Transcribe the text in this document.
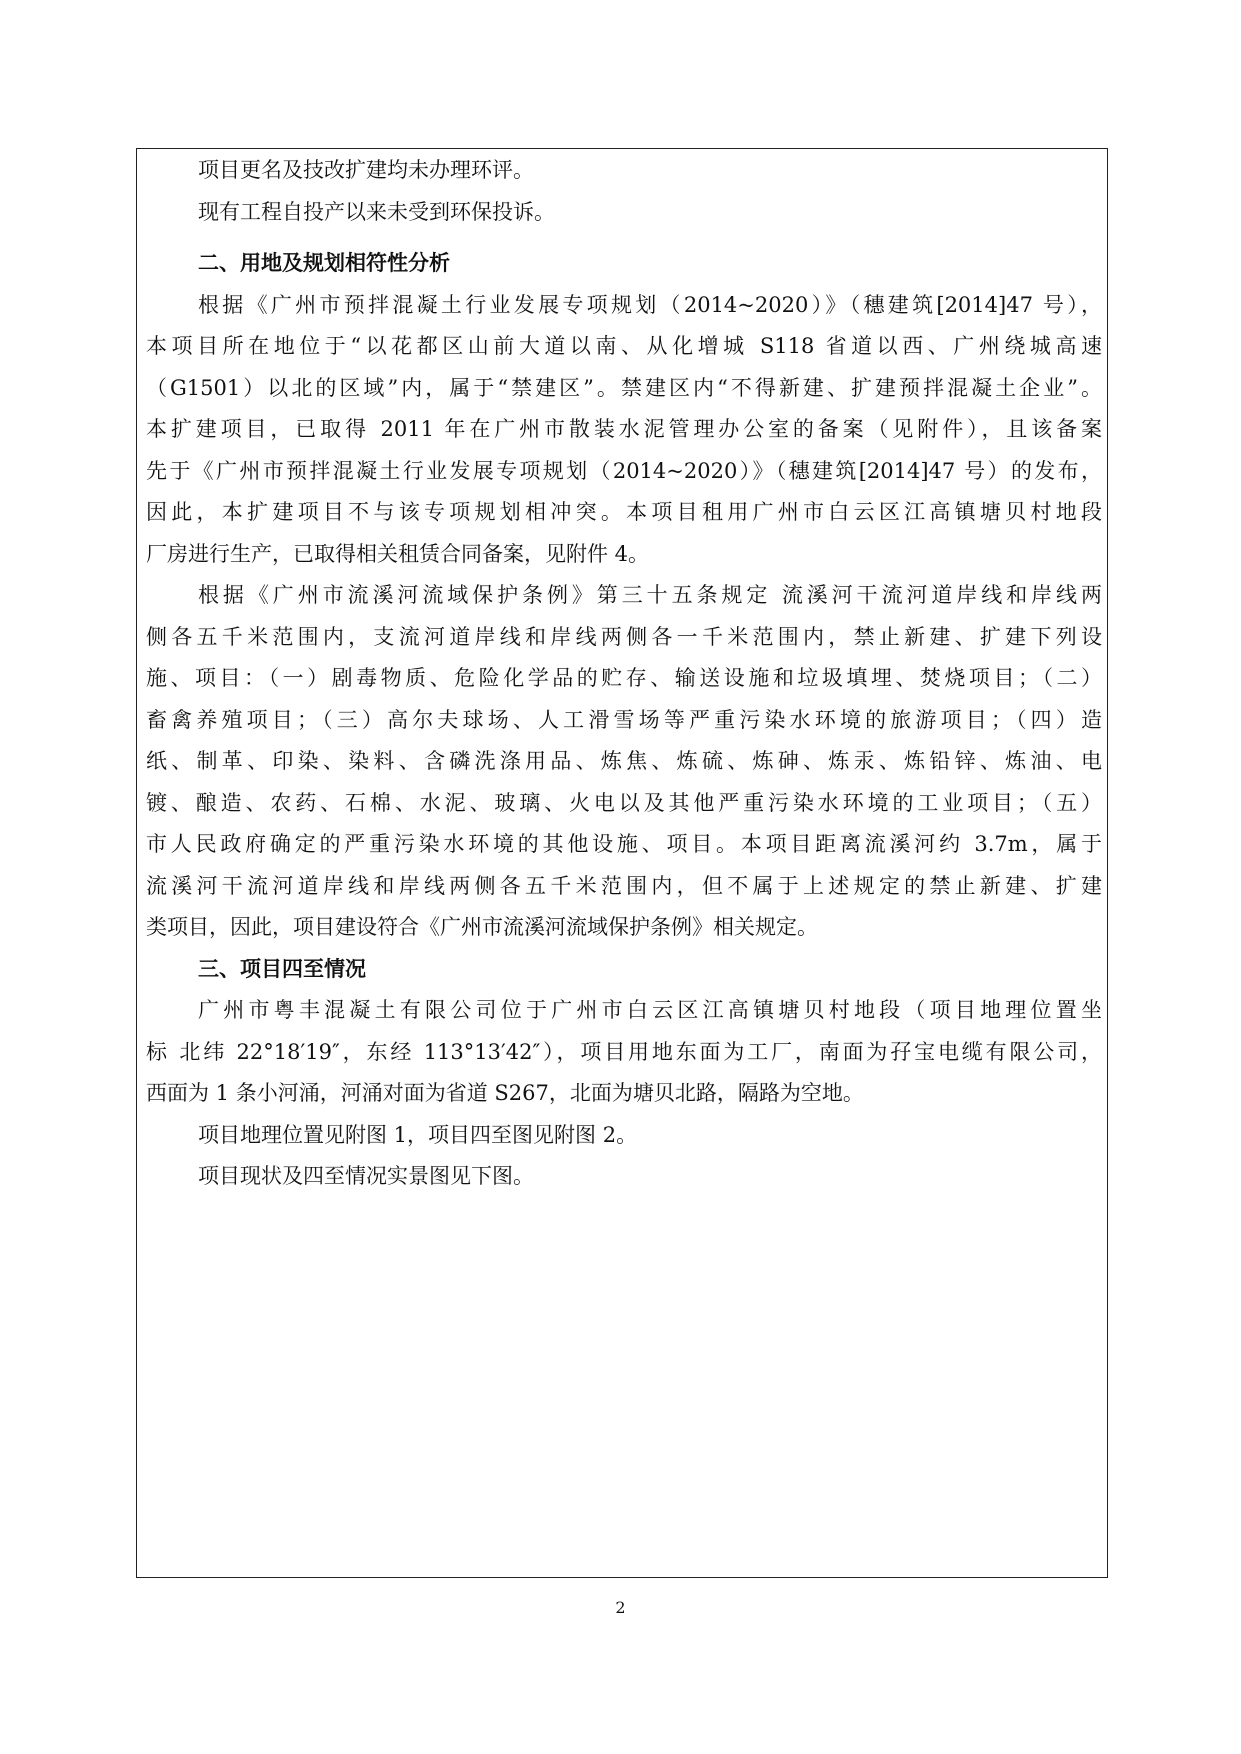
项目更名及技改扩建均未办理环评。
现有工程自投产以来未受到环保投诉。
二、用地及规划相符性分析
根据《广州市预拌混凝土行业发展专项规划（2014~2020）》（穗建筑[2014]47 号），
本项目所在地位于“以花都区山前大道以南、从化增城 S118 省道以西、广州绕城高速
（G1501）以北的区域”内，属于“禁建区”。禁建区内“不得新建、扩建预拌混凝土企业”。
本扩建项目，已取得 2011 年在广州市散装水泥管理办公室的备案（见附件），且该备案
先于《广州市预拌混凝土行业发展专项规划（2014~2020）》（穗建筑[2014]47 号）的发布，
因此，本扩建项目不与该专项规划相冲突。本项目租用广州市白云区江高镇塘贝村地段
厂房进行生产，已取得相关租赁合同备案，见附件 4。
根据《广州市流溪河流域保护条例》第三十五条规定 流溪河干流河道岸线和岸线两
侧各五千米范围内，支流河道岸线和岸线两侧各一千米范围内，禁止新建、扩建下列设
施、项目：（一）剧毒物质、危险化学品的贮存、输送设施和垃圾填埋、焚烧项目；（二）
畜禽养殖项目；（三）高尔夫球场、人工滑雪场等严重污染水环境的旅游项目；（四）造
纸、制革、印染、染料、含磷洗涤用品、炼焦、炼硫、炼砷、炼汞、炼铅锌、炼油、电
镀、酿造、农药、石棉、水泥、玻璃、火电以及其他严重污染水环境的工业项目；（五）
市人民政府确定的严重污染水环境的其他设施、项目。本项目距离流溪河约 3.7m，属于
流溪河干流河道岸线和岸线两侧各五千米范围内，但不属于上述规定的禁止新建、扩建
类项目，因此，项目建设符合《广州市流溪河流域保护条例》相关规定。
三、项目四至情况
广州市粤丰混凝土有限公司位于广州市白云区江高镇塘贝村地段（项目地理位置坐
标 北纬 22°18′19″，东经 113°13′42″），项目用地东面为工厂，南面为孖宝电缆有限公司，
西面为 1 条小河涌，河涌对面为省道 S267，北面为塘贝北路，隔路为空地。
项目地理位置见附图 1，项目四至图见附图 2。
项目现状及四至情况实景图见下图。
2
